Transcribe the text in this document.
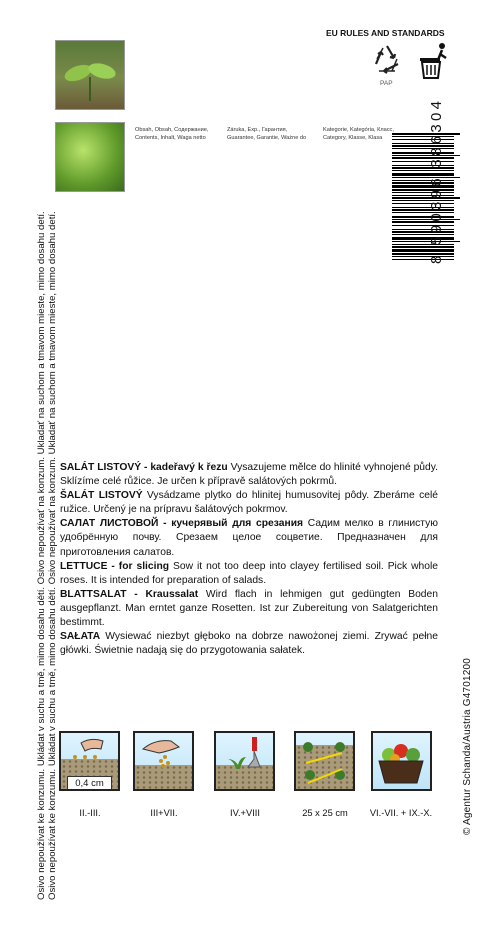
Osivo nepoužívat ke konzumu. Ukládat v suchu a tmě, mimo dosahu dětí. Osivo nepoužívať na konzum. Ukladať na suchom a tmavom mieste, mimo dosahu detí. Osivo nepoužívat ke konzumu. Ukládat v suchu a tmě, mimo dosahu dětí. Osivo nepoužívať na konzum. Ukladať na suchom a tmavom mieste, mimo dosahu detí.	© Agentur Schanda/Austria G4701200
Obsah, Obsah, Содержание,
Contents, Inhalt, Waga netto
Záruka, Exp., Гарантия,
Guarantee, Garantie, Ważne do
Kategorie, Kategória, Класс,
Category, Klasse, Klasa
EU RULES AND STANDARDS
PAP
8 590396 386304

SALÁT LISTOVÝ - kadeřavý k řezu Vysazujeme mělce do hlinité vyhnojené půdy. Sklízíme celé růžice. Je určen k přípravě salátových pokrmů.

ŠALÁT LISTOVÝ Vysádzame plytko do hlinitej humusovitej pôdy. Zberáme celé ružice. Určený je na prípravu šalátových pokrmov.

САЛАТ ЛИСТОВОЙ - кучерявый для срезания Садим мелко в глинистую удобрённую почву. Срезаем целое соцветие. Предназначен для приготовления салатов.

LETTUCE - for slicing Sow it not too deep into clayey fertilised soil. Pick whole roses. It is intended for preparation of salads.

BLATTSALAT - Kraussalat Wird flach in lehmigen gut gedüngten Boden ausgepflanzt. Man erntet ganze Rosetten. Ist zur Zubereitung von Salatgerichten bestimmt.

SAŁATA Wysiewać niezbyt głęboko na dobrze nawożonej ziemi. Zrywać pełne główki. Świetnie nadają się do przygotowania sałatek.

0,4 cm
II.-III.	III+VII.	IV.+VIII	25 x 25 cm	VI.-VII. + IX.-X.
